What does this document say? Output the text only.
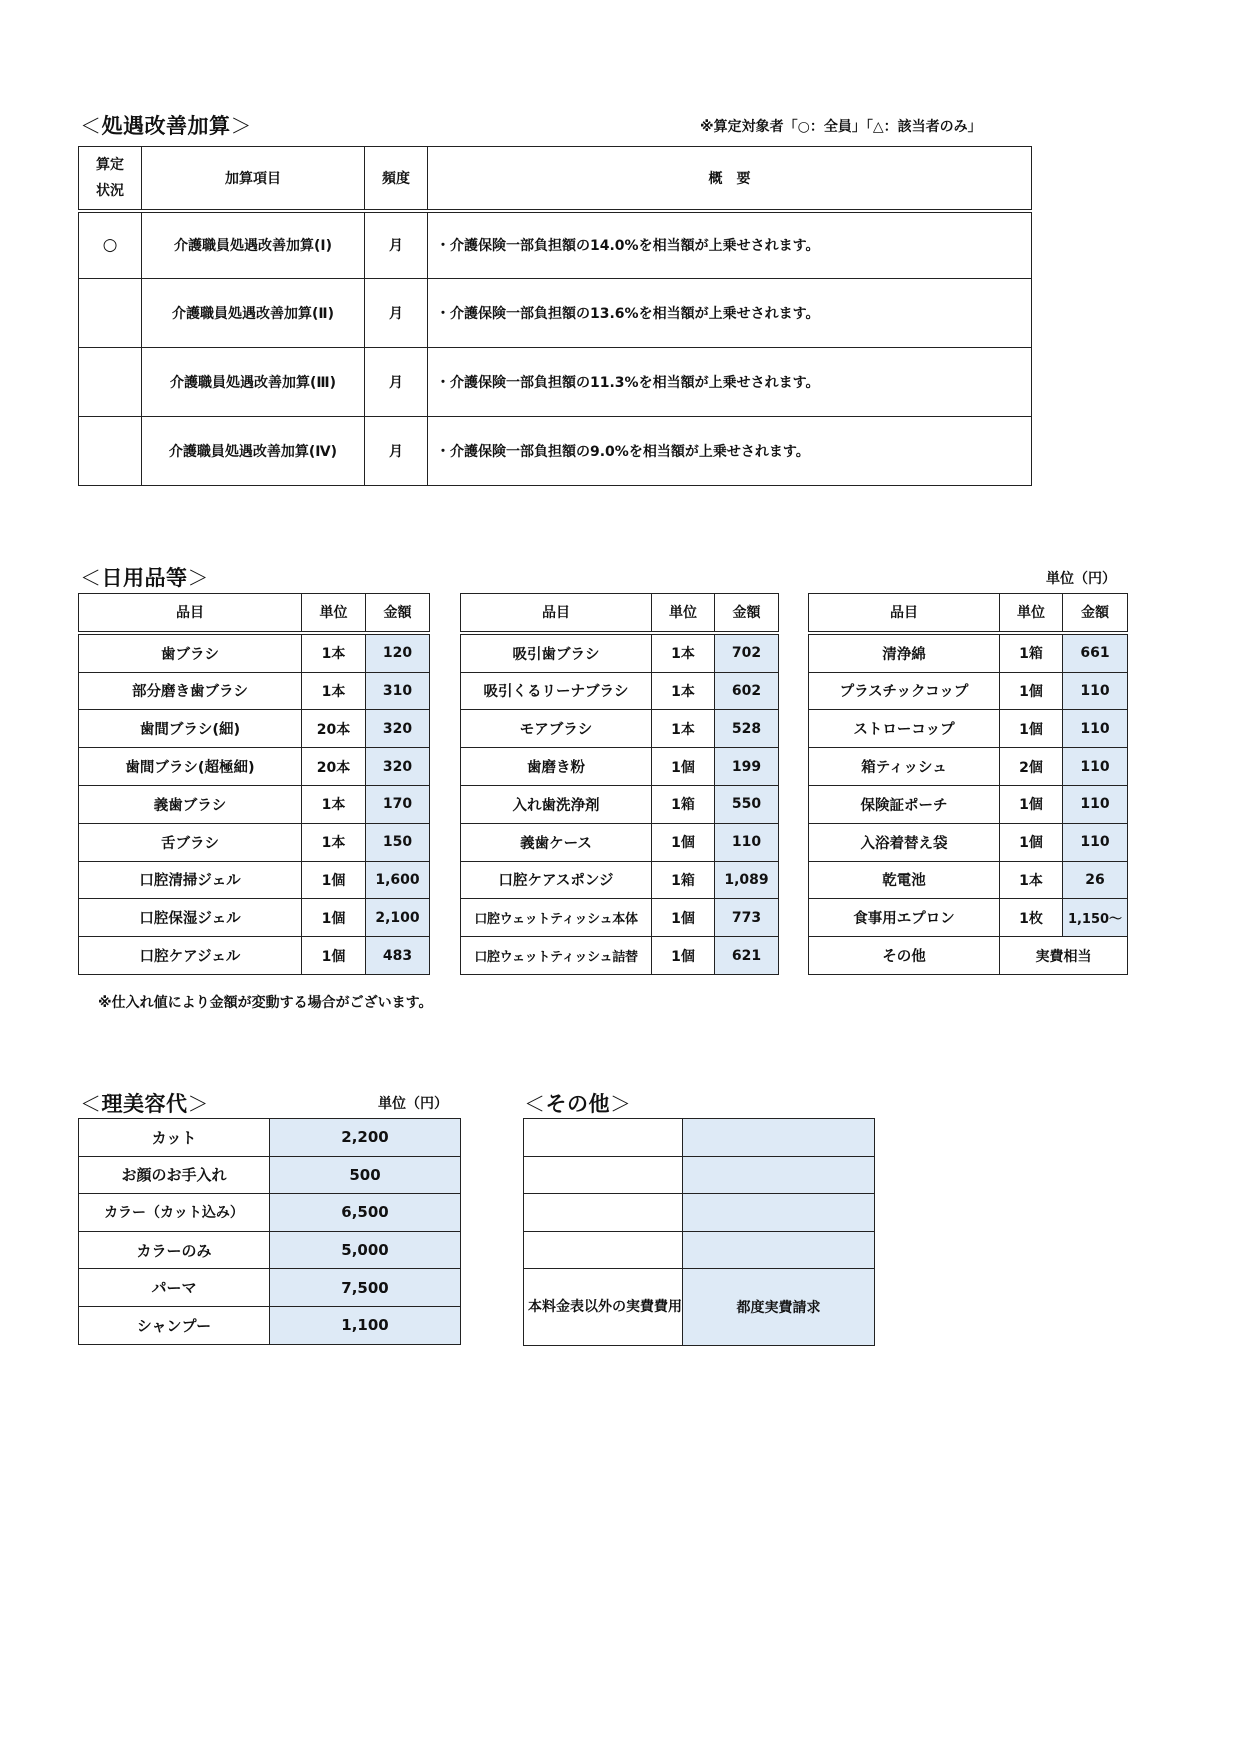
＜処遇改善加算＞	※算定対象者「○：全員」「△：該当者のみ」
算定
状況	加算項目	頻度	概　要
○	介護職員処遇改善加算(Ⅰ)	月	・介護保険一部負担額の14.0%を相当額が上乗せされます。
	介護職員処遇改善加算(Ⅱ)	月	・介護保険一部負担額の13.6%を相当額が上乗せされます。
	介護職員処遇改善加算(Ⅲ)	月	・介護保険一部負担額の11.3%を相当額が上乗せされます。
	介護職員処遇改善加算(Ⅳ)	月	・介護保険一部負担額の9.0%を相当額が上乗せされます。
＜日用品等＞	単位（円）
品目	単位	金額
歯ブラシ	1本	120
部分磨き歯ブラシ	1本	310
歯間ブラシ(細)	20本	320
歯間ブラシ(超極細)	20本	320
義歯ブラシ	1本	170
舌ブラシ	1本	150
口腔清掃ジェル	1個	1,600
口腔保湿ジェル	1個	2,100
口腔ケアジェル	1個	483
品目	単位	金額
吸引歯ブラシ	1本	702
吸引くるリーナブラシ	1本	602
モアブラシ	1本	528
歯磨き粉	1個	199
入れ歯洗浄剤	1箱	550
義歯ケース	1個	110
口腔ケアスポンジ	1箱	1,089
口腔ウェットティッシュ本体	1個	773
口腔ウェットティッシュ詰替	1個	621
品目	単位	金額
清浄綿	1箱	661
プラスチックコップ	1個	110
ストローコップ	1個	110
箱ティッシュ	2個	110
保険証ポーチ	1個	110
入浴着替え袋	1個	110
乾電池	1本	26
食事用エプロン	1枚	1,150～
その他	実費相当	
※仕入れ値により金額が変動する場合がございます。
＜理美容代＞	単位（円）
カット	2,200
お顔のお手入れ	500
カラー（カット込み）	6,500
カラーのみ	5,000
パーマ	7,500
シャンプー	1,100
＜その他＞

本料金表以外の実費費用	都度実費請求
